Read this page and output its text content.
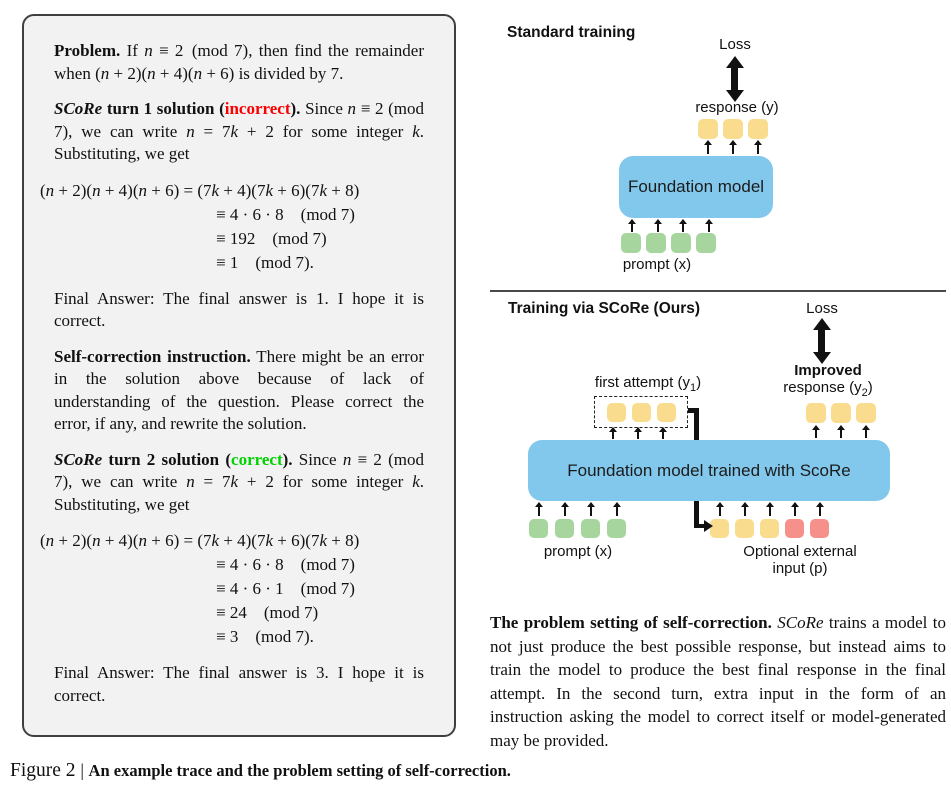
Problem. If n ≡ 2 (mod 7), then find the remainder when (n + 2)(n + 4)(n + 6) is divided by 7.

SCoRe turn 1 solution (incorrect). Since n ≡ 2 (mod 7), we can write n = 7k + 2 for some integer k. Substituting, we get

(n + 2)(n + 4)(n + 6) = (7k + 4)(7k + 6)(7k + 8)
≡ 4 · 6 · 8  (mod 7)
≡ 192  (mod 7)
≡ 1  (mod 7).

Final Answer: The final answer is 1. I hope it is correct.

Self-correction instruction. There might be an error in the solution above because of lack of understanding of the question. Please correct the error, if any, and rewrite the solution.

SCoRe turn 2 solution (correct). Since n ≡ 2 (mod 7), we can write n = 7k + 2 for some integer k. Substituting, we get

(n + 2)(n + 4)(n + 6) = (7k + 4)(7k + 6)(7k + 8)
≡ 4 · 6 · 8  (mod 7)
≡ 4 · 6 · 1  (mod 7)
≡ 24  (mod 7)
≡ 3  (mod 7).

Final Answer: The final answer is 3. I hope it is correct.

Standard training
Loss
response (y)
Foundation model
prompt (x)
Training via SCoRe (Ours)	Loss
Improved
response $(y_2)$
first attempt $(y_1)$
Foundation model trained with ScoRe
prompt (x)	Optional external
input (p)
The problem setting of self-correction. SCoRe trains a model to not just produce the best possible response, but instead aims to train the model to produce the best final response in the final attempt. In the second turn, extra input in the form of an instruction asking the model to correct itself or model-generated may be provided.
Figure 2 | An example trace and the problem setting of self-correction.
